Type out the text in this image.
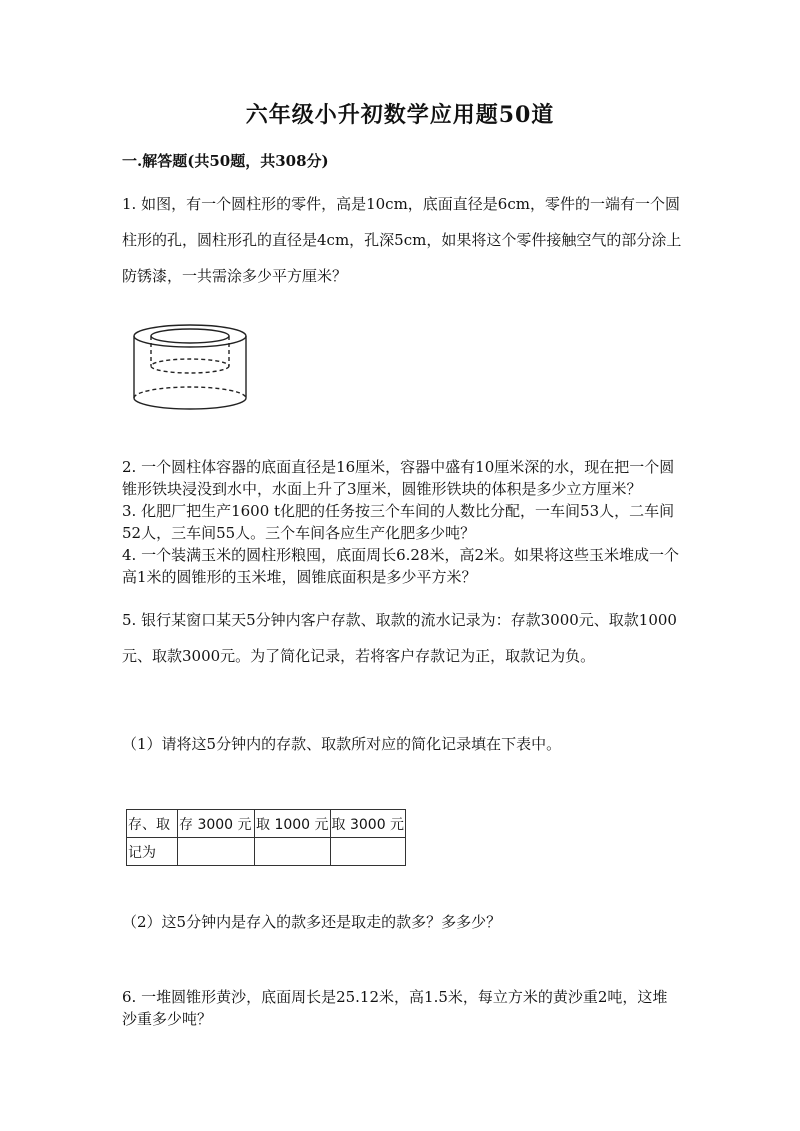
六年级小升初数学应用题50道
一.解答题(共50题，共308分)

1. 如图，有一个圆柱形的零件，高是10cm，底面直径是6cm，零件的一端有一个圆柱形的孔，圆柱形孔的直径是4cm，孔深5cm，如果将这个零件接触空气的部分涂上防锈漆，一共需涂多少平方厘米？

2. 一个圆柱体容器的底面直径是16厘米，容器中盛有10厘米深的水，现在把一个圆锥形铁块浸没到水中，水面上升了3厘米，圆锥形铁块的体积是多少立方厘米？
3. 化肥厂把生产1600 t化肥的任务按三个车间的人数比分配，一车间53人，二车间52人，三车间55人。三个车间各应生产化肥多少吨？
4. 一个装满玉米的圆柱形粮囤，底面周长6.28米，高2米。如果将这些玉米堆成一个高1米的圆锥形的玉米堆，圆锥底面积是多少平方米？

5. 银行某窗口某天5分钟内客户存款、取款的流水记录为：存款3000元、取款1000元、取款3000元。为了简化记录，若将客户存款记为正，取款记为负。

（1）请将这5分钟内的存款、取款所对应的简化记录填在下表中。

存、取	存 3000 元	取 1000 元	取 3000 元
记为			

（2）这5分钟内是存入的款多还是取走的款多？多多少？

6. 一堆圆锥形黄沙，底面周长是25.12米，高1.5米，每立方米的黄沙重2吨，这堆沙重多少吨？
